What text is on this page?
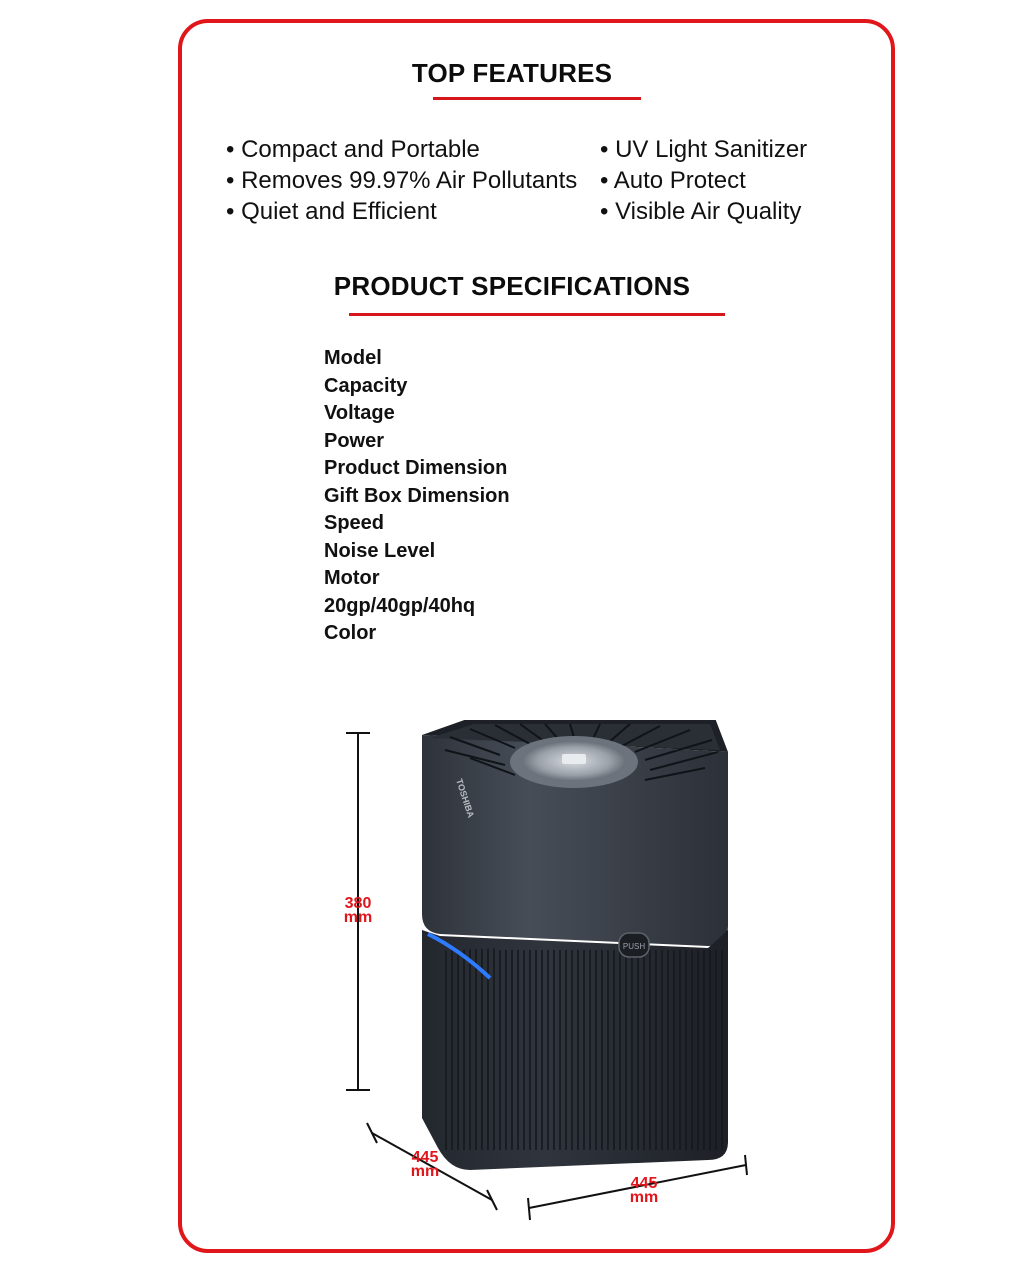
TOP FEATURES
• Compact and Portable
• Removes 99.97% Air Pollutants
• Quiet and Efficient
• UV Light Sanitizer
• Auto Protect
• Visible Air Quality
PRODUCT SPECIFICATIONS
Model
Capacity
Voltage
Power
Product Dimension
Gift Box Dimension
Speed
Noise Level
Motor
20gp/40gp/40hq
Color
TOSHIBA
PUSH
380
mm
445
mm
445
mm
